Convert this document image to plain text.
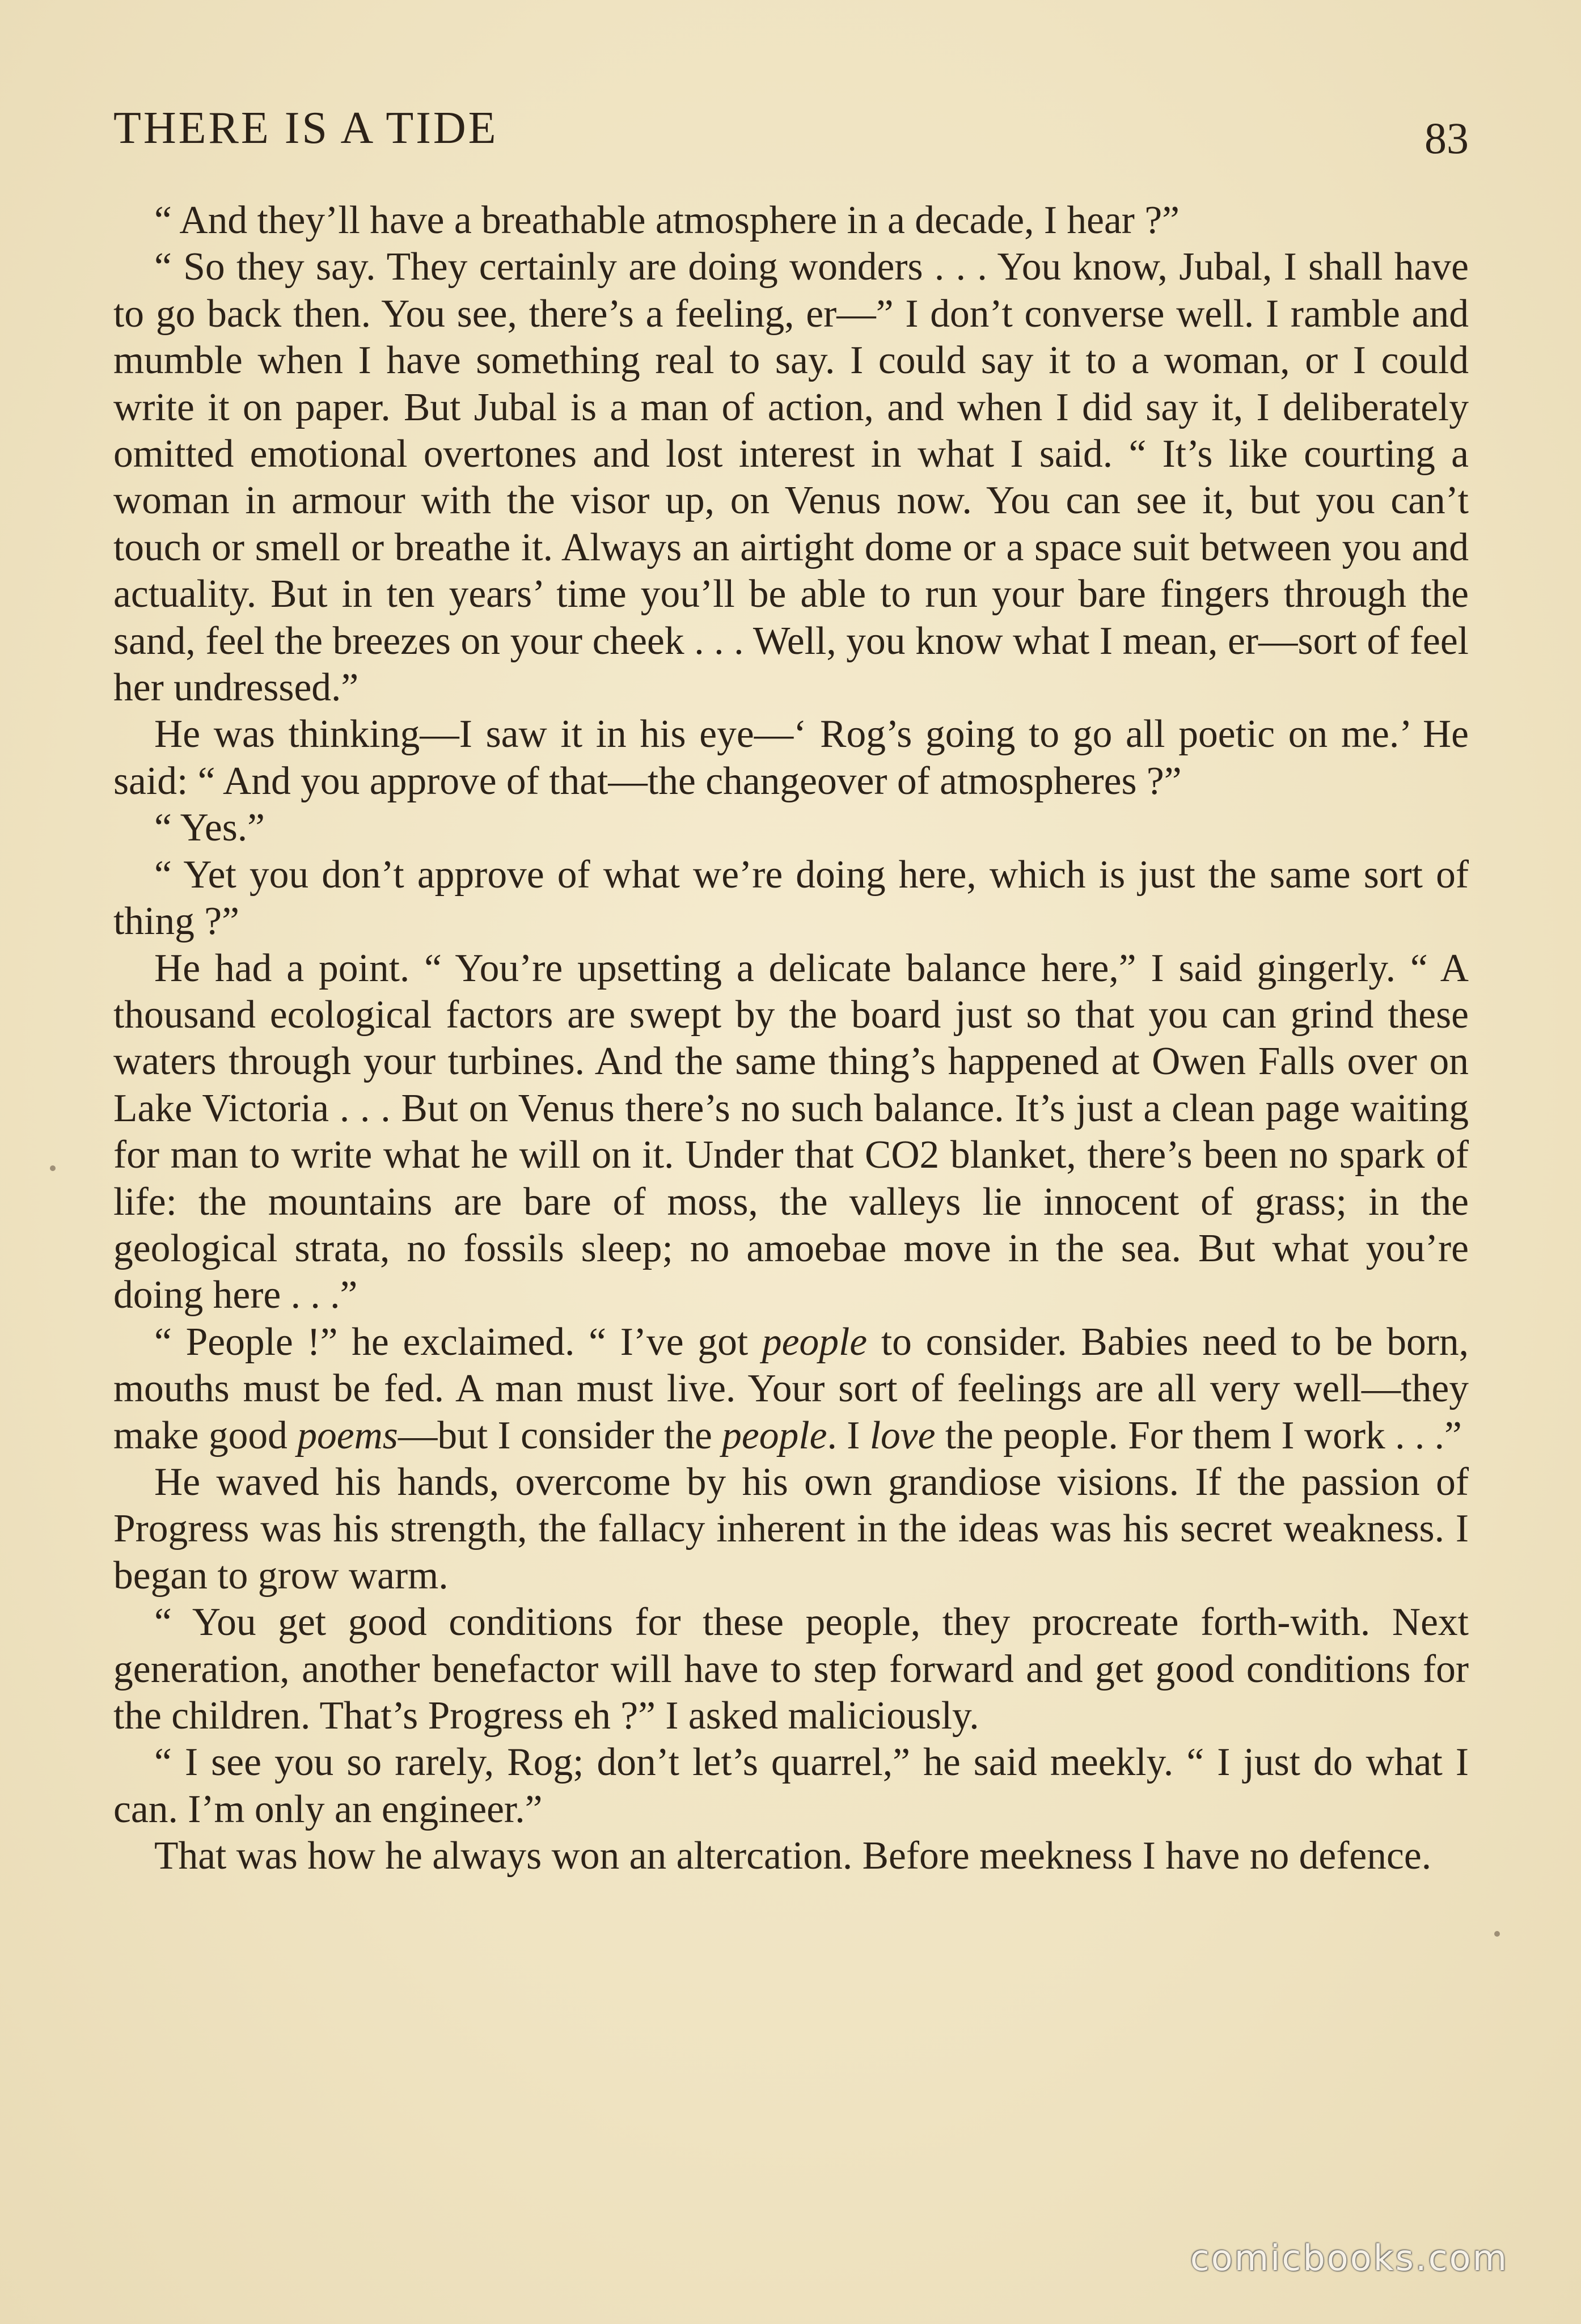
THERE IS A TIDE	83

“ And they’ll have a breathable atmosphere in a decade, I hear ?”

“ So they say. They certainly are doing wonders . . . You know, Jubal, I shall have to go back then. You see, there’s a feeling, er—” I don’t converse well. I ramble and mumble when I have something real to say. I could say it to a woman, or I could write it on paper. But Jubal is a man of action, and when I did say it, I deliberately omitted emotional overtones and lost interest in what I said. “ It’s like courting a woman in armour with the visor up, on Venus now. You can see it, but you can’t touch or smell or breathe it. Always an airtight dome or a space suit between you and actuality. But in ten years’ time you’ll be able to run your bare fingers through the sand, feel the breezes on your cheek . . . Well, you know what I mean, er—sort of feel her undressed.”

He was thinking—I saw it in his eye—‘ Rog’s going to go all poetic on me.’ He said: “ And you approve of that—the changeover of atmospheres ?”

“ Yes.”

“ Yet you don’t approve of what we’re doing here, which is just the same sort of thing ?”

He had a point. “ You’re upsetting a delicate balance here,” I said gingerly. “ A thousand ecological factors are swept by the board just so that you can grind these waters through your turbines. And the same thing’s happened at Owen Falls over on Lake Victoria . . . But on Venus there’s no such balance. It’s just a clean page waiting for man to write what he will on it. Under that CO2 blanket, there’s been no spark of life: the mountains are bare of moss, the valleys lie innocent of grass; in the geological strata, no fossils sleep; no amoebae move in the sea. But what you’re doing here . . .”

“ People !” he exclaimed. “ I’ve got people to consider. Babies need to be born, mouths must be fed. A man must live. Your sort of feelings are all very well—they make good poems—but I consider the people. I love the people. For them I work . . .”

He waved his hands, overcome by his own grandiose visions. If the passion of Progress was his strength, the fallacy inherent in the ideas was his secret weakness. I began to grow warm.

“ You get good conditions for these people, they procreate forth-with. Next generation, another benefactor will have to step forward and get good conditions for the children. That’s Progress eh ?” I asked maliciously.

“ I see you so rarely, Rog; don’t let’s quarrel,” he said meekly. “ I just do what I can. I’m only an engineer.”

That was how he always won an altercation. Before meekness I have no defence.

comicbooks.com
